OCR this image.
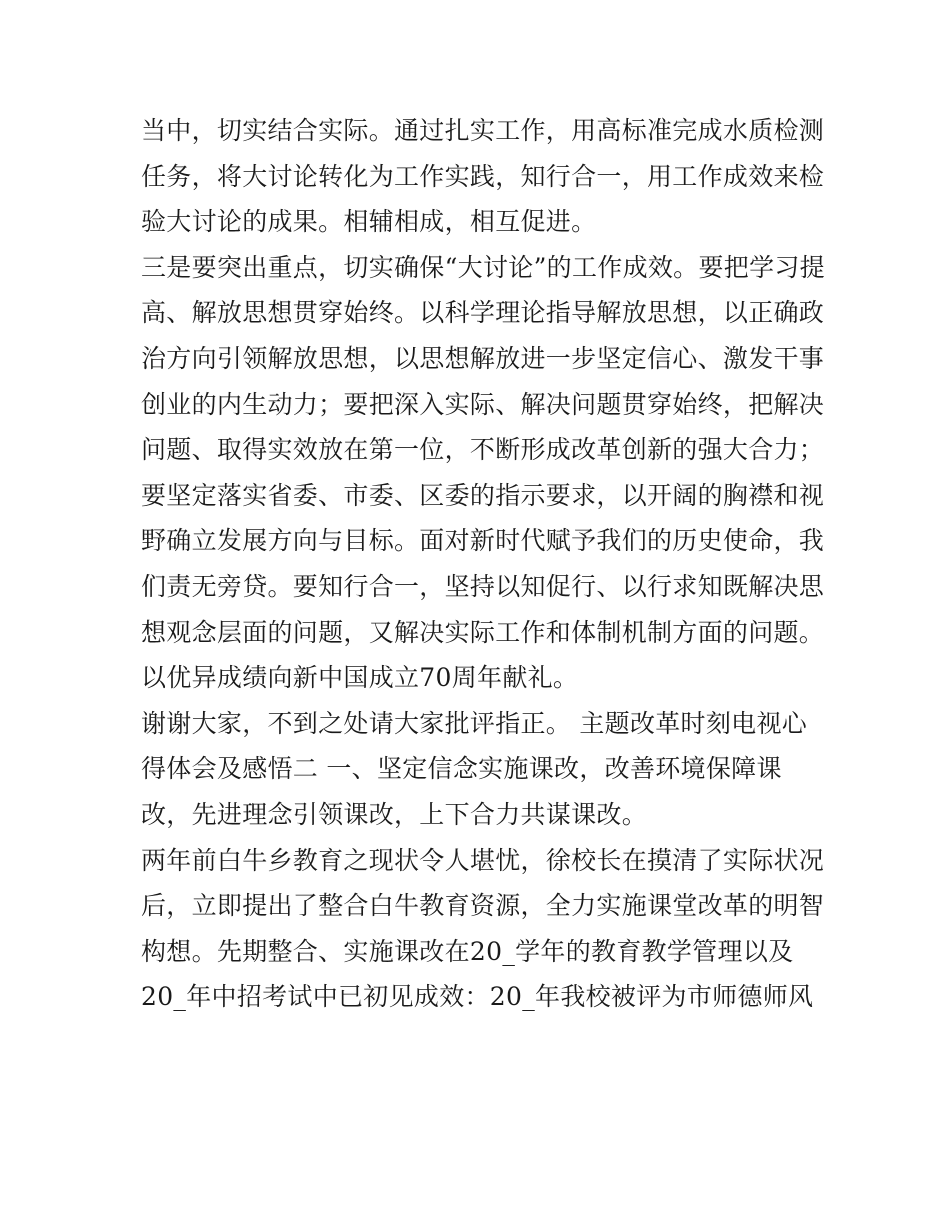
当中，切实结合实际。通过扎实工作，用高标准完成水质检测
任务，将大讨论转化为工作实践，知行合一，用工作成效来检
验大讨论的成果。相辅相成，相互促进。
三是要突出重点，切实确保“大讨论”的工作成效。要把学习提
高、解放思想贯穿始终。以科学理论指导解放思想，以正确政
治方向引领解放思想，以思想解放进一步坚定信心、激发干事
创业的内生动力；要把深入实际、解决问题贯穿始终，把解决
问题、取得实效放在第一位，不断形成改革创新的强大合力；
要坚定落实省委、市委、区委的指示要求，以开阔的胸襟和视
野确立发展方向与目标。面对新时代赋予我们的历史使命，我
们责无旁贷。要知行合一，坚持以知促行、以行求知既解决思
想观念层面的问题，又解决实际工作和体制机制方面的问题。
以优异成绩向新中国成立70周年献礼。
谢谢大家，不到之处请大家批评指正。 主题改革时刻电视心
得体会及感悟二 一、坚定信念实施课改，改善环境保障课
改，先进理念引领课改，上下合力共谋课改。
两年前白牛乡教育之现状令人堪忧，徐校长在摸清了实际状况
后，立即提出了整合白牛教育资源，全力实施课堂改革的明智
构想。先期整合、实施课改在20_学年的教育教学管理以及
20_年中招考试中已初见成效：20_年我校被评为市师德师风
